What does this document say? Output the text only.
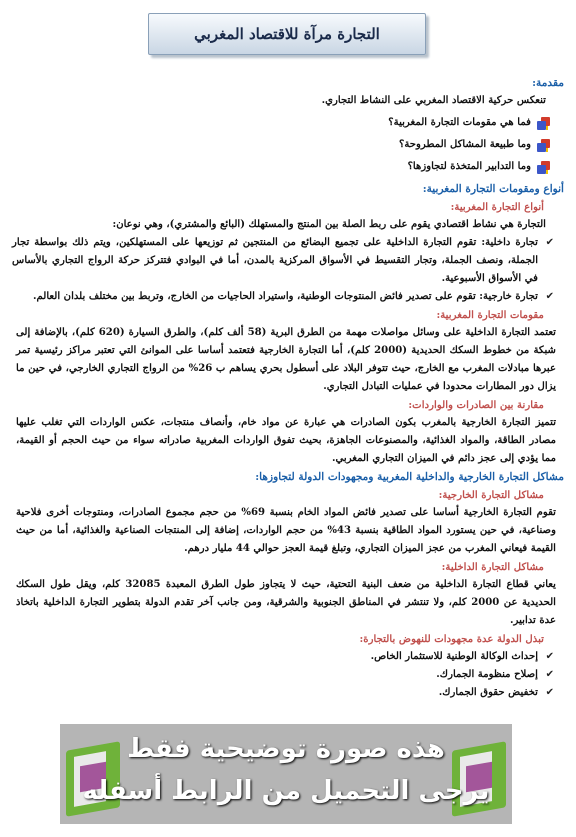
التجارة مرآة للاقتصاد المغربي
مقدمة:
تنعكس حركية الاقتصاد المغربي على النشاط التجاري.
فما هي مقومات التجارة المغربية؟
وما طبيعة المشاكل المطروحة؟
وما التدابير المتخذة لتجاوزها؟
أنواع ومقومات التجارة المغربية:
أنواع التجارة المغربية:
التجارة هي نشاط اقتصادي يقوم على ربط الصلة بين المنتج والمستهلك (البائع والمشتري)، وهي نوعان:
✔
تجارة داخلية: تقوم التجارة الداخلية على تجميع البضائع من المنتجين ثم توزيعها على المستهلكين، ويتم ذلك بواسطة تجار الجملة، ونصف الجملة، وتجار التقسيط في الأسواق المركزية بالمدن، أما في البوادي فتتركز حركة الرواج التجاري بالأساس في الأسواق الأسبوعية.
✔
تجارة خارجية: تقوم على تصدير فائض المنتوجات الوطنية، واستيراد الحاجيات من الخارج، وتربط بين مختلف بلدان العالم.
مقومات التجارة المغربية:
تعتمد التجارة الداخلية على وسائل مواصلات مهمة من الطرق البرية (58 ألف كلم)، والطرق السيارة (620 كلم)، بالإضافة إلى شبكة من خطوط السكك الحديدية (2000 كلم)، أما التجارة الخارجية فتعتمد أساسا على الموانئ التي تعتبر مراكز رئيسية تمر عبرها مبادلات المغرب مع الخارج، حيث تتوفر البلاد على أسطول بحري يساهم ب 26% من الرواج التجاري الخارجي، في حين ما يزال دور المطارات محدودا في عمليات التبادل التجاري.
مقارنة بين الصادرات والواردات:
تتميز التجارة الخارجية بالمغرب بكون الصادرات هي عبارة عن مواد خام، وأنصاف منتجات، عكس الواردات التي تغلب عليها مصادر الطاقة، والمواد الغذائية، والمصنوعات الجاهزة، بحيث تفوق الواردات المغربية صادراته سواء من حيث الحجم أو القيمة، مما يؤدي إلى عجز دائم في الميزان التجاري المغربي.
مشاكل التجارة الخارجية والداخلية المغربية ومجهودات الدولة لتجاوزها:
مشاكل التجارة الخارجية:
تقوم التجارة الخارجية أساسا على تصدير فائض المواد الخام بنسبة 69% من حجم مجموع الصادرات، ومنتوجات أخرى فلاحية وصناعية، في حين يستورد المواد الطاقية بنسبة 43% من حجم الواردات، إضافة إلى المنتجات الصناعية والغذائية، أما من حيث القيمة فيعاني المغرب من عجز الميزان التجاري، وتبلغ قيمة العجز حوالي 44 مليار درهم.
مشاكل التجارة الداخلية:
يعاني قطاع التجارة الداخلية من ضعف البنية التحتية، حيث لا يتجاوز طول الطرق المعبدة 32085 كلم، ويقل طول السكك الحديدية عن 2000 كلم، ولا تنتشر في المناطق الجنوبية والشرقية، ومن جانب آخر تقدم الدولة بتطوير التجارة الداخلية باتخاذ عدة تدابير.
تبذل الدولة عدة مجهودات للنهوض بالتجارة:
✔
إحداث الوكالة الوطنية للاستثمار الخاص.
✔
إصلاح منظومة الجمارك.
✔
تخفيض حقوق الجمارك.
هذه صورة توضيحية فقط
يرجى التحميل من الرابط أسفله
